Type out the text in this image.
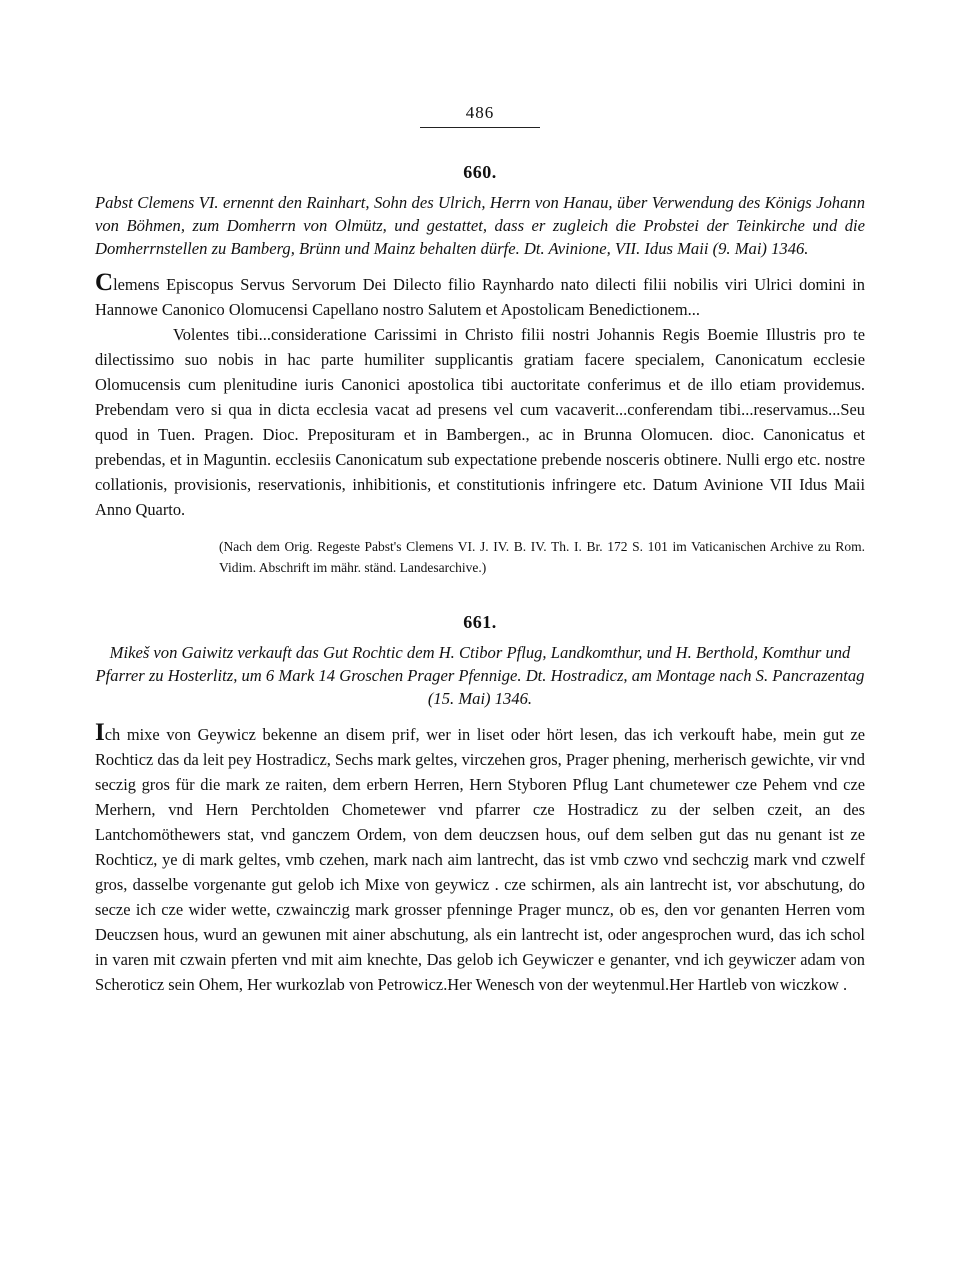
486
660.

Pabst Clemens VI. ernennt den Rainhart, Sohn des Ulrich, Herrn von Hanau, über Verwendung des Königs Johann von Böhmen, zum Domherrn von Olmütz, und gestattet, dass er zugleich die Probstei der Teinkirche und die Domherrnstellen zu Bamberg, Brünn und Mainz behalten dürfe. Dt. Avinione, VII. Idus Maii (9. Mai) 1346.

Clemens Episcopus Servus Servorum Dei Dilecto filio Raynhardo nato dilecti filii nobilis viri Ulrici domini in Hannowe Canonico Olomucensi Capellano nostro Salutem et Apostolicam Benedictionem...

Volentes tibi...consideratione Carissimi in Christo filii nostri Johannis Regis Boemie Illustris pro te dilectissimo suo nobis in hac parte humiliter supplicantis gratiam facere specialem, Canonicatum ecclesie Olomucensis cum plenitudine iuris Canonici apostolica tibi auctoritate conferimus et de illo etiam providemus. Prebendam vero si qua in dicta ecclesia vacat ad presens vel cum vacaverit...conferendam tibi...reservamus...Seu quod in Tuen. Pragen. Dioc. Preposituram et in Bambergen., ac in Brunna Olomucen. dioc. Canonicatus et prebendas, et in Maguntin. ecclesiis Canonicatum sub expectatione prebende nosceris obtinere. Nulli ergo etc. nostre collationis, provisionis, reservationis, inhibitionis, et constitutionis infringere etc. Datum Avinione VII Idus Maii Anno Quarto.

(Nach dem Orig. Regeste Pabst's Clemens VI. J. IV. B. IV. Th. I. Br. 172 S. 101 im Vaticanischen Archive zu Rom. Vidim. Abschrift im mähr. ständ. Landesarchive.)
661.

Mikeš von Gaiwitz verkauft das Gut Rochtic dem H. Ctibor Pflug, Landkomthur, und H. Berthold, Komthur und Pfarrer zu Hosterlitz, um 6 Mark 14 Groschen Prager Pfennige. Dt. Hostradicz, am Montage nach S. Pancrazentag (15. Mai) 1346.

Ich mixe von Geywicz bekenne an disem prif, wer in liset oder hört lesen, das ich verkouft habe, mein gut ze Rochticz das da leit pey Hostradicz, Sechs mark geltes, virczehen gros, Prager phening, merherisch gewichte, vir vnd seczig gros für die mark ze raiten, dem erbern Herren, Hern Styboren Pflug Lant chumetewer cze Pehem vnd cze Merhern, vnd Hern Perchtolden Chometewer vnd pfarrer cze Hostradicz zu der selben czeit, an des Lantchomöthewers stat, vnd ganczem Ordem, von dem deuczsen hous, ouf dem selben gut das nu genant ist ze Rochticz, ye di mark geltes, vmb czehen, mark nach aim lantrecht, das ist vmb czwo vnd sechczig mark vnd czwelf gros, dasselbe vorgenante gut gelob ich Mixe von geywicz . cze schirmen, als ain lantrecht ist, vor abschutung, do secze ich cze wider wette, czwainczig mark grosser pfenninge Prager muncz, ob es, den vor genanten Herren vom Deuczsen hous, wurd an gewunen mit ainer abschutung, als ein lantrecht ist, oder angesprochen wurd, das ich schol in varen mit czwain pferten vnd mit aim knechte, Das gelob ich Geywiczer e genanter, vnd ich geywiczer adam von Scheroticz sein Ohem, Her wurkozlab von Petrowicz.Her Wenesch von der weytenmul.Her Hartleb von wiczkow .
